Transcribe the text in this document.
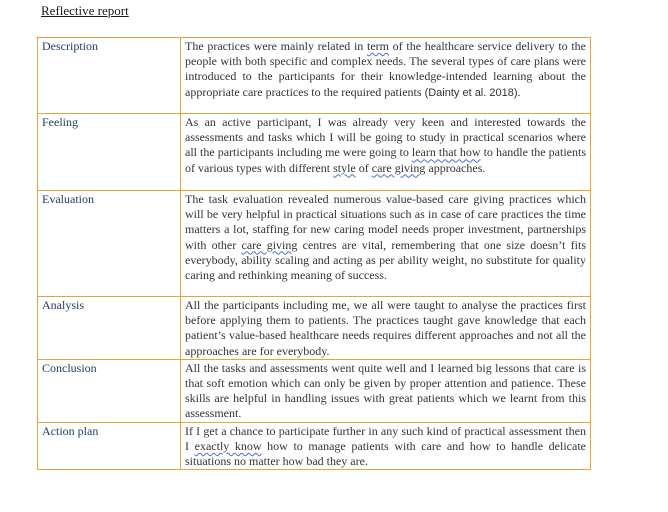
Reflective report
Description	The practices were mainly related in term of the healthcare service delivery to the people with both specific and complex needs. The several types of care plans were introduced to the participants for their knowledge-intended learning about the appropriate care practices to the required patients (Dainty et al. 2018).
Feeling	As an active participant, I was already very keen and interested towards the assessments and tasks which I will be going to study in practical scenarios where all the participants including me were going to learn that how to handle the patients of various types with different style of care giving approaches.
Evaluation	The task evaluation revealed numerous value-based care giving practices which will be very helpful in practical situations such as in case of care practices the time matters a lot, staffing for new caring model needs proper investment, partnerships with other care giving centres are vital, remembering that one size doesn’t fits everybody, ability scaling and acting as per ability weight, no substitute for quality caring and rethinking meaning of success.
Analysis	All the participants including me, we all were taught to analyse the practices first before applying them to patients. The practices taught gave knowledge that each patient’s value-based healthcare needs requires different approaches and not all the approaches are for everybody.
Conclusion	All the tasks and assessments went quite well and I learned big lessons that care is that soft emotion which can only be given by proper attention and patience. These skills are helpful in handling issues with great patients which we learnt from this assessment.
Action plan	If I get a chance to participate further in any such kind of practical assessment then I exactly know how to manage patients with care and how to handle delicate situations no matter how bad they are.
